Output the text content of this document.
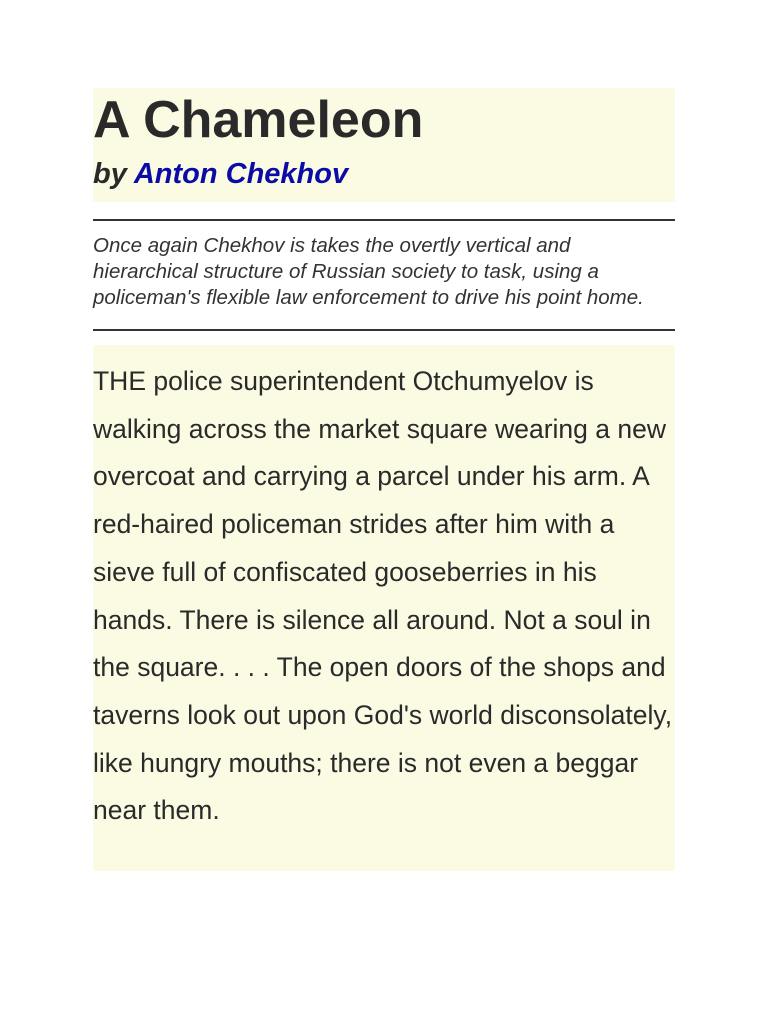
A Chameleon

by Anton Chekhov

Once again Chekhov is takes the overtly vertical and hierarchical structure of Russian society to task, using a policeman's flexible law enforcement to drive his point home.

THE police superintendent Otchumyelov is walking across the market square wearing a new overcoat and carrying a parcel under his arm. A red-haired policeman strides after him with a sieve full of confiscated gooseberries in his hands. There is silence all around. Not a soul in the square. . . . The open doors of the shops and taverns look out upon God's world disconsolately, like hungry mouths; there is not even a beggar near them.
